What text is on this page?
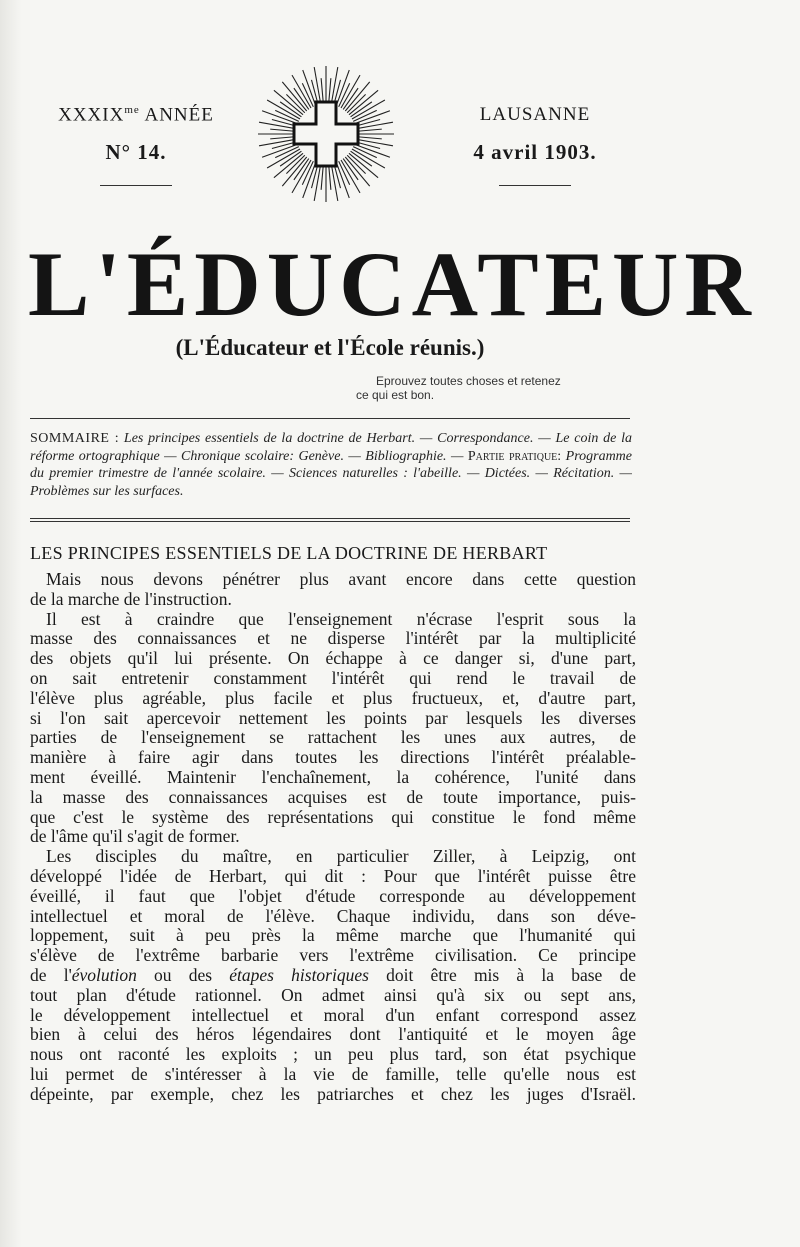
$XXXIX^{me}$ ANNÉE
N° 14.
LAUSANNE
4 avril 1903.
L'ÉDUCATEUR
(L'Éducateur et l'École réunis.)
Eprouvez toutes choses et retenez
ce qui est bon.
SOMMAIRE : Les principes essentiels de la doctrine de Herbart. — Correspondance. — Le coin de la réforme ortographique — Chronique scolaire: Genève. — Bibliographie. — Partie pratique: Programme du premier trimestre de l'année scolaire. — Sciences naturelles : l'abeille. — Dictées. — Récitation. — Problèmes sur les surfaces.
LES PRINCIPES ESSENTIELS DE LA DOCTRINE DE HERBART
Mais nous devons pénétrer plus avant encore dans cette question
de la marche de l'instruction.
Il est à craindre que l'enseignement n'écrase l'esprit sous la
masse des connaissances et ne disperse l'intérêt par la multiplicité
des objets qu'il lui présente. On échappe à ce danger si, d'une part,
on sait entretenir constamment l'intérêt qui rend le travail de
l'élève plus agréable, plus facile et plus fructueux, et, d'autre part,
si l'on sait apercevoir nettement les points par lesquels les diverses
parties de l'enseignement se rattachent les unes aux autres, de
manière à faire agir dans toutes les directions l'intérêt préalable-
ment éveillé. Maintenir l'enchaînement, la cohérence, l'unité dans
la masse des connaissances acquises est de toute importance, puis-
que c'est le système des représentations qui constitue le fond même
de l'âme qu'il s'agit de former.
Les disciples du maître, en particulier Ziller, à Leipzig, ont
développé l'idée de Herbart, qui dit : Pour que l'intérêt puisse être
éveillé, il faut que l'objet d'étude corresponde au développement
intellectuel et moral de l'élève. Chaque individu, dans son déve-
loppement, suit à peu près la même marche que l'humanité qui
s'élève de l'extrême barbarie vers l'extrême civilisation. Ce principe
de l'évolution ou des étapes historiques doit être mis à la base de
tout plan d'étude rationnel. On admet ainsi qu'à six ou sept ans,
le développement intellectuel et moral d'un enfant correspond assez
bien à celui des héros légendaires dont l'antiquité et le moyen âge
nous ont raconté les exploits ; un peu plus tard, son état psychique
lui permet de s'intéresser à la vie de famille, telle qu'elle nous est
dépeinte, par exemple, chez les patriarches et chez les juges d'Israël.
